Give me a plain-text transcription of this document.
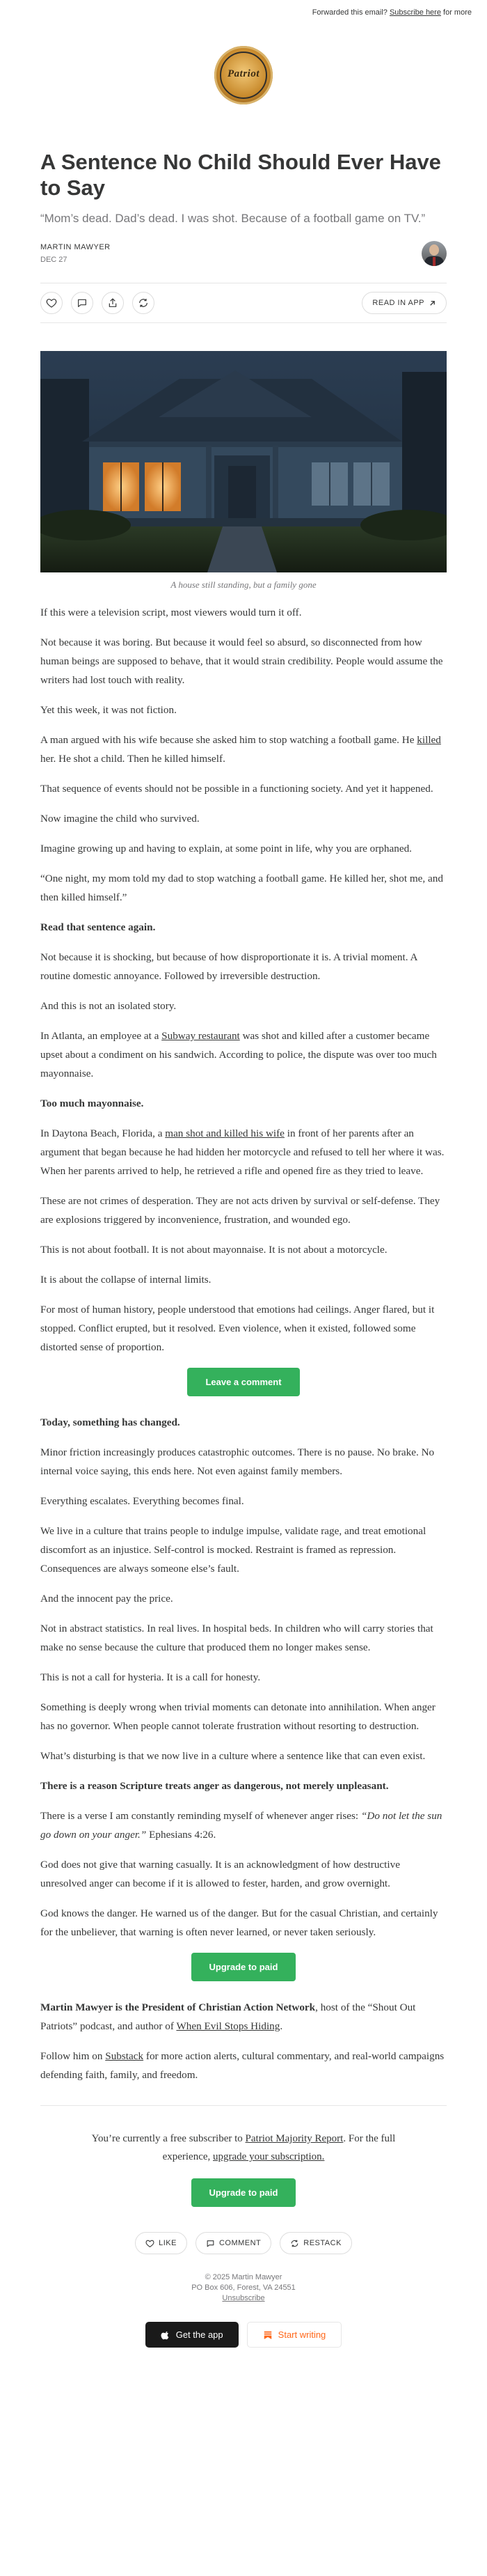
Forwarded this email? Subscribe here for more
Patriot
A Sentence No Child Should Ever Have to Say
“Mom’s dead. Dad’s dead. I was shot. Because of a football game on TV.”
MARTIN MAWYER
DEC 27
READ IN APP
A house still standing, but a family gone

If this were a television script, most viewers would turn it off.

Not because it was boring. But because it would feel so absurd, so disconnected from how human beings are supposed to behave, that it would strain credibility. People would assume the writers had lost touch with reality.

Yet this week, it was not fiction.

A man argued with his wife because she asked him to stop watching a football game. He killed her. He shot a child. Then he killed himself.

That sequence of events should not be possible in a functioning society. And yet it happened.

Now imagine the child who survived.

Imagine growing up and having to explain, at some point in life, why you are orphaned.

“One night, my mom told my dad to stop watching a football game. He killed her, shot me, and then killed himself.”

Read that sentence again.

Not because it is shocking, but because of how disproportionate it is. A trivial moment. A routine domestic annoyance. Followed by irreversible destruction.

And this is not an isolated story.

In Atlanta, an employee at a Subway restaurant was shot and killed after a customer became upset about a condiment on his sandwich. According to police, the dispute was over too much mayonnaise.

Too much mayonnaise.

In Daytona Beach, Florida, a man shot and killed his wife in front of her parents after an argument that began because he had hidden her motorcycle and refused to tell her where it was. When her parents arrived to help, he retrieved a rifle and opened fire as they tried to leave.

These are not crimes of desperation. They are not acts driven by survival or self-defense. They are explosions triggered by inconvenience, frustration, and wounded ego.

This is not about football. It is not about mayonnaise. It is not about a motorcycle.

It is about the collapse of internal limits.

For most of human history, people understood that emotions had ceilings. Anger flared, but it stopped. Conflict erupted, but it resolved. Even violence, when it existed, followed some distorted sense of proportion.

Leave a comment

Today, something has changed.

Minor friction increasingly produces catastrophic outcomes. There is no pause. No brake. No internal voice saying, this ends here. Not even against family members.

Everything escalates. Everything becomes final.

We live in a culture that trains people to indulge impulse, validate rage, and treat emotional discomfort as an injustice. Self-control is mocked. Restraint is framed as repression. Consequences are always someone else’s fault.

And the innocent pay the price.

Not in abstract statistics. In real lives. In hospital beds. In children who will carry stories that make no sense because the culture that produced them no longer makes sense.

This is not a call for hysteria. It is a call for honesty.

Something is deeply wrong when trivial moments can detonate into annihilation. When anger has no governor. When people cannot tolerate frustration without resorting to destruction.

What’s disturbing is that we now live in a culture where a sentence like that can even exist.

There is a reason Scripture treats anger as dangerous, not merely unpleasant.

There is a verse I am constantly reminding myself of whenever anger rises: “Do not let the sun go down on your anger.” Ephesians 4:26.

God does not give that warning casually. It is an acknowledgment of how destructive unresolved anger can become if it is allowed to fester, harden, and grow overnight.

God knows the danger. He warned us of the danger. But for the casual Christian, and certainly for the unbeliever, that warning is often never learned, or never taken seriously.

Upgrade to paid

Martin Mawyer is the President of Christian Action Network, host of the “Shout Out Patriots” podcast, and author of When Evil Stops Hiding.

Follow him on Substack for more action alerts, cultural commentary, and real-world campaigns defending faith, family, and freedom.

You’re currently a free subscriber to Patriot Majority Report. For the full experience, upgrade your subscription.
Upgrade to paid
LIKE	COMMENT	RESTACK
© 2025 Martin Mawyer
PO Box 606, Forest, VA 24551
Unsubscribe
Get the app	Start writing
